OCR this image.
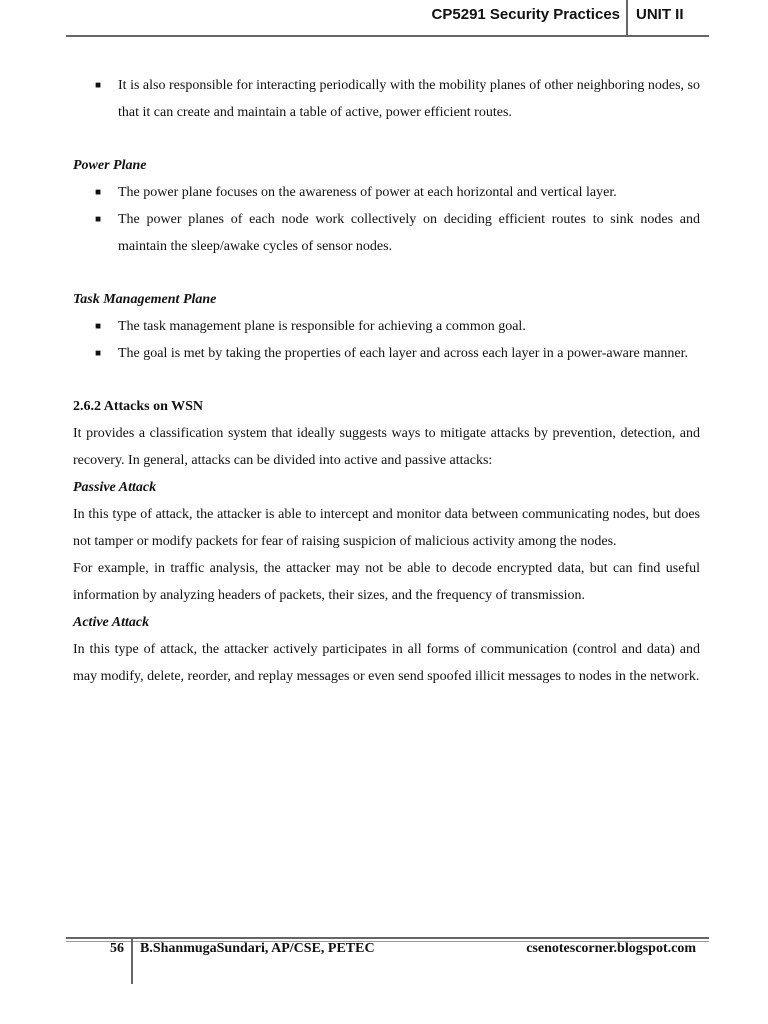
CP5291 Security Practices UNIT II
■ It is also responsible for interacting periodically with the mobility planes of other neighboring nodes, so that it can create and maintain a table of active, power efficient routes.

Power Plane

■ The power plane focuses on the awareness of power at each horizontal and vertical layer.
■ The power planes of each node work collectively on deciding efficient routes to sink nodes and maintain the sleep/awake cycles of sensor nodes.

Task Management Plane

■ The task management plane is responsible for achieving a common goal.
■ The goal is met by taking the properties of each layer and across each layer in a power-aware manner.

2.6.2 Attacks on WSN

It provides a classification system that ideally suggests ways to mitigate attacks by prevention, detection, and recovery. In general, attacks can be divided into active and passive attacks:

Passive Attack

In this type of attack, the attacker is able to intercept and monitor data between communicating nodes, but does not tamper or modify packets for fear of raising suspicion of malicious activity among the nodes.

For example, in traffic analysis, the attacker may not be able to decode encrypted data, but can find useful information by analyzing headers of packets, their sizes, and the frequency of transmission.

Active Attack

In this type of attack, the attacker actively participates in all forms of communication (control and data) and may modify, delete, reorder, and replay messages or even send spoofed illicit messages to nodes in the network.

56 B.ShanmugaSundari, AP/CSE, PETEC	csenotescorner.blogspot.com
